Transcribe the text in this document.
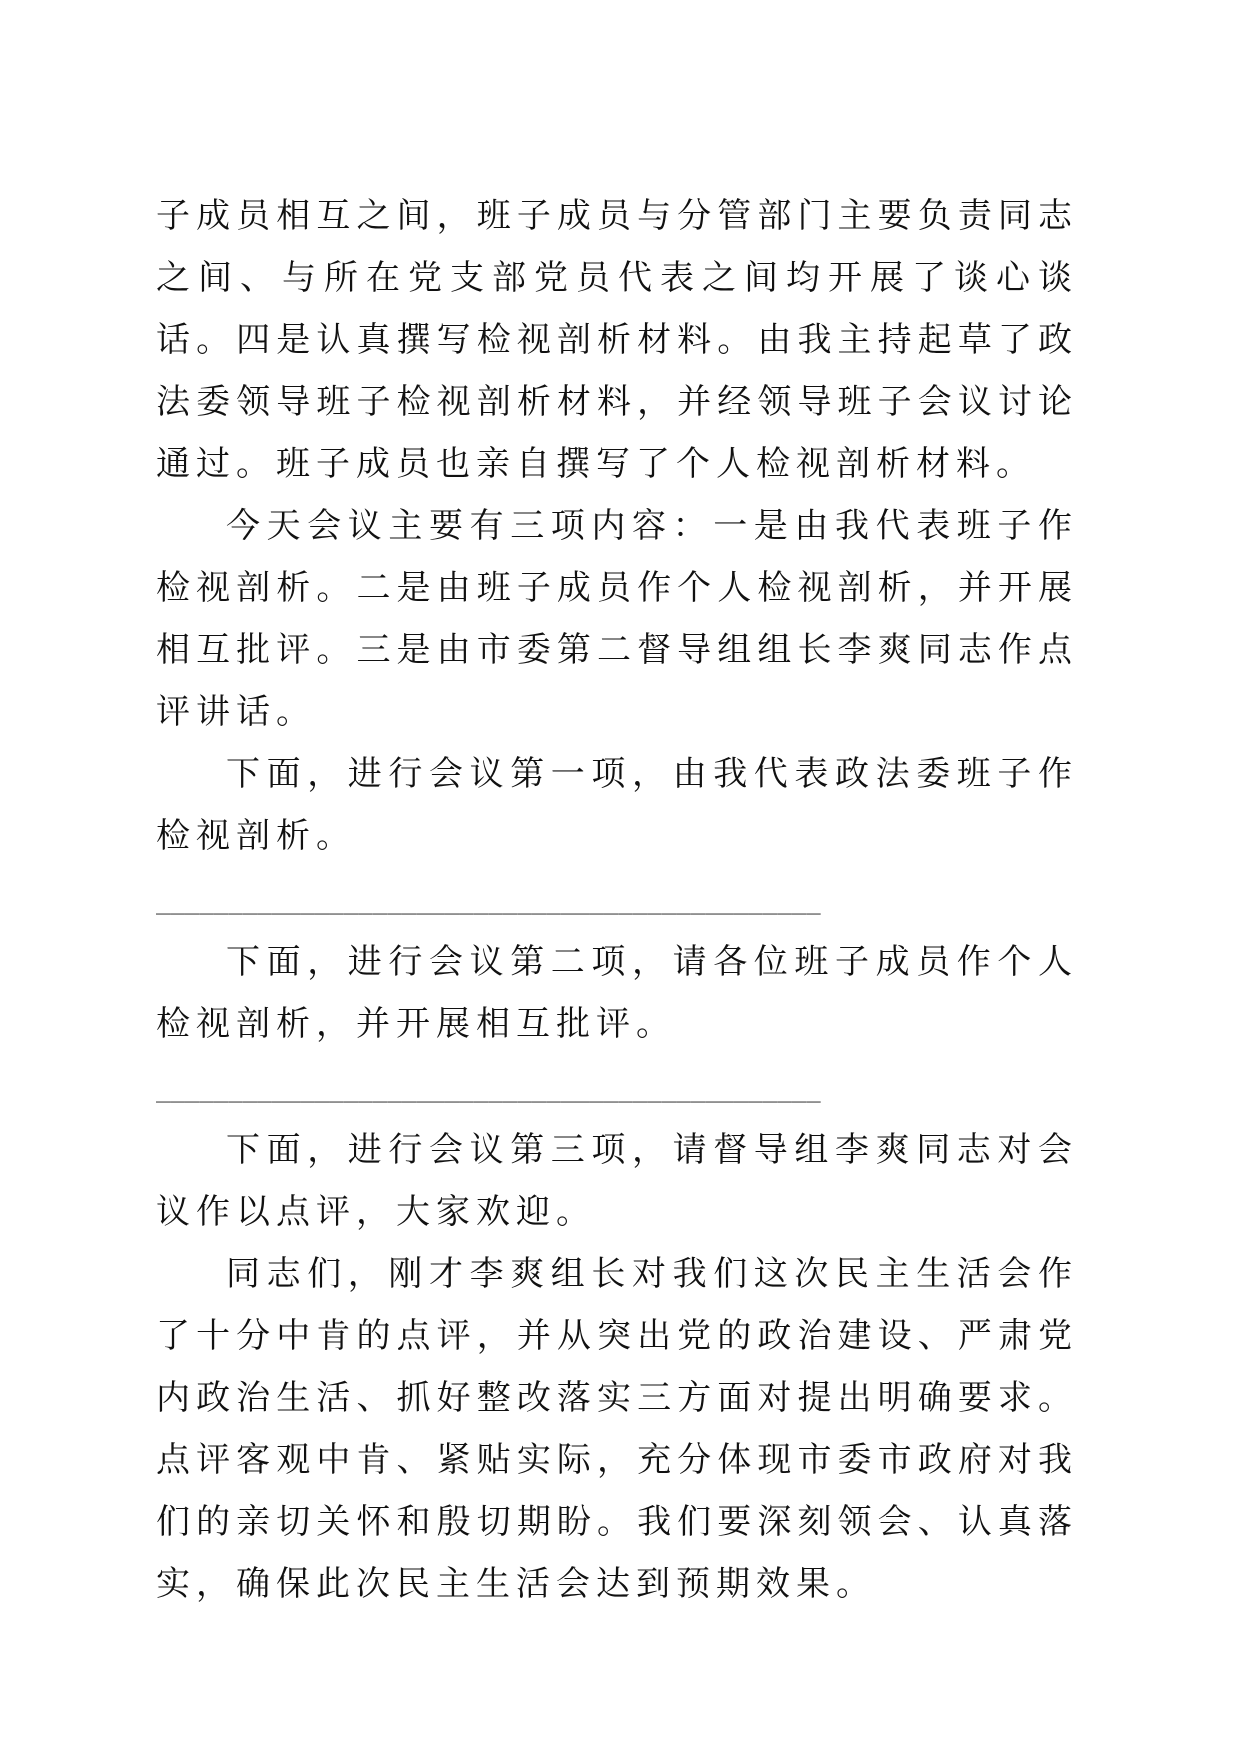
子成员相互之间，班子成员与分管部门主要负责同志之间、与所在党支部党员代表之间均开展了谈心谈话。四是认真撰写检视剖析材料。由我主持起草了政法委领导班子检视剖析材料，并经领导班子会议讨论通过。班子成员也亲自撰写了个人检视剖析材料。

今天会议主要有三项内容：一是由我代表班子作检视剖析。二是由班子成员作个人检视剖析，并开展相互批评。三是由市委第二督导组组长李爽同志作点评讲话。

下面，进行会议第一项，由我代表政法委班子作检视剖析。

______________________________________________

下面，进行会议第二项，请各位班子成员作个人检视剖析，并开展相互批评。

______________________________________________

下面，进行会议第三项，请督导组李爽同志对会议作以点评，大家欢迎。

同志们，刚才李爽组长对我们这次民主生活会作了十分中肯的点评，并从突出党的政治建设、严肃党内政治生活、抓好整改落实三方面对提出明确要求。点评客观中肯、紧贴实际，充分体现市委市政府对我们的亲切关怀和殷切期盼。我们要深刻领会、认真落实，确保此次民主生活会达到预期效果。
